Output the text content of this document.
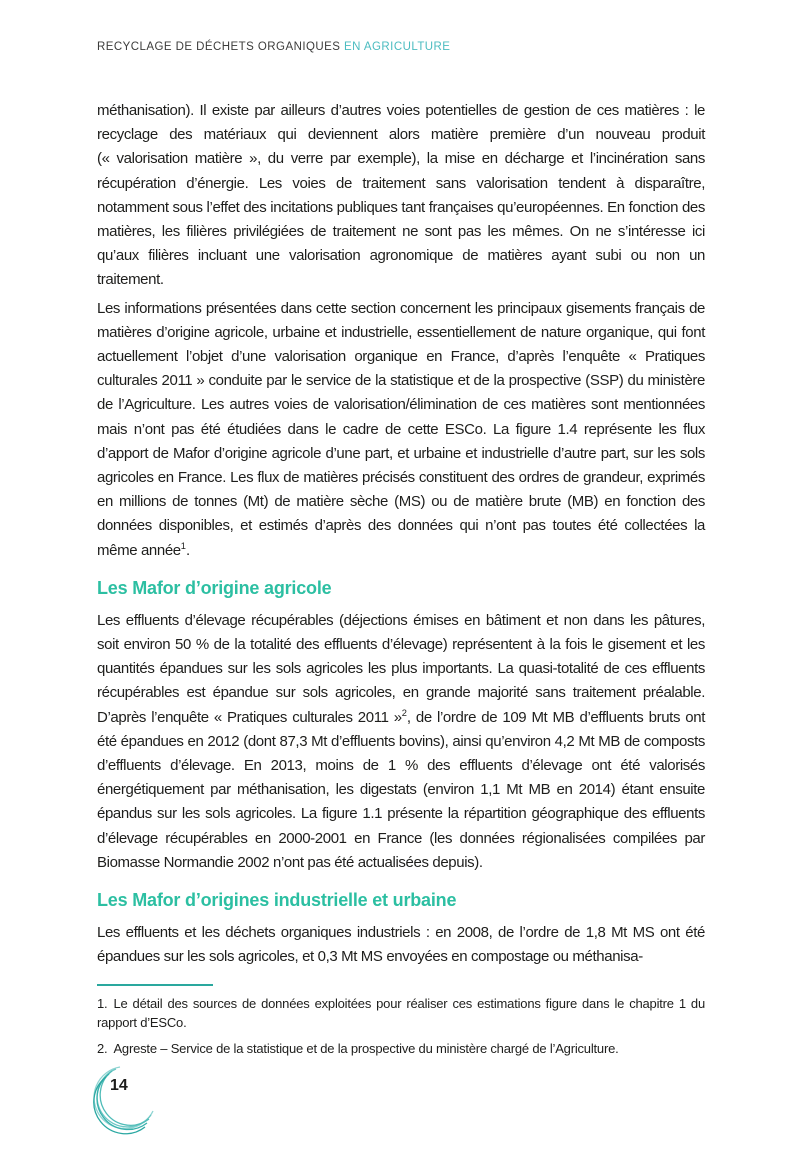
RECYCLAGE DE DÉCHETS ORGANIQUES EN AGRICULTURE

méthanisation). Il existe par ailleurs d’autres voies potentielles de gestion de ces matières : le recyclage des matériaux qui deviennent alors matière première d’un nouveau produit (« valorisation matière », du verre par exemple), la mise en décharge et l’incinération sans récupération d’énergie. Les voies de traitement sans valorisation tendent à disparaître, notamment sous l’effet des incitations publiques tant françaises qu’européennes. En fonction des matières, les filières privilégiées de traitement ne sont pas les mêmes. On ne s’intéresse ici qu’aux filières incluant une valorisation agronomique de matières ayant subi ou non un traitement.

Les informations présentées dans cette section concernent les principaux gisements français de matières d’origine agricole, urbaine et industrielle, essentiellement de nature organique, qui font actuellement l’objet d’une valorisation organique en France, d’après l’enquête « Pratiques culturales 2011 » conduite par le service de la statistique et de la prospective (SSP) du ministère de l’Agriculture. Les autres voies de valorisation/élimination de ces matières sont mentionnées mais n’ont pas été étudiées dans le cadre de cette ESCo. La figure 1.4 représente les flux d’apport de Mafor d’origine agricole d’une part, et urbaine et industrielle d’autre part, sur les sols agricoles en France. Les flux de matières précisés constituent des ordres de grandeur, exprimés en millions de tonnes (Mt) de matière sèche (MS) ou de matière brute (MB) en fonction des données disponibles, et estimés d’après des données qui n’ont pas toutes été collectées la même année$^1$.

Les Mafor d’origine agricole

Les effluents d’élevage récupérables (déjections émises en bâtiment et non dans les pâtures, soit environ 50 % de la totalité des effluents d’élevage) représentent à la fois le gisement et les quantités épandues sur les sols agricoles les plus importants. La quasi-totalité de ces effluents récupérables est épandue sur sols agricoles, en grande majorité sans traitement préalable. D’après l’enquête « Pratiques culturales 2011 »$^2$, de l’ordre de 109 Mt MB d’effluents bruts ont été épandues en 2012 (dont 87,3 Mt d’effluents bovins), ainsi qu’environ 4,2 Mt MB de composts d’effluents d’élevage. En 2013, moins de 1 % des effluents d’élevage ont été valorisés énergétiquement par méthanisation, les digestats (environ 1,1 Mt MB en 2014) étant ensuite épandus sur les sols agricoles. La figure 1.1 présente la répartition géographique des effluents d’élevage récupérables en 2000-2001 en France (les données régionalisées compilées par Biomasse Normandie 2002 n’ont pas été actualisées depuis).

Les Mafor d’origines industrielle et urbaine

Les effluents et les déchets organiques industriels : en 2008, de l’ordre de 1,8 Mt MS ont été épandues sur les sols agricoles, et 0,3 Mt MS envoyées en compostage ou méthanisa-

1. Le détail des sources de données exploitées pour réaliser ces estimations figure dans le chapitre 1 du rapport d’ESCo.

2. Agreste – Service de la statistique et de la prospective du ministère chargé de l’Agriculture.

14
